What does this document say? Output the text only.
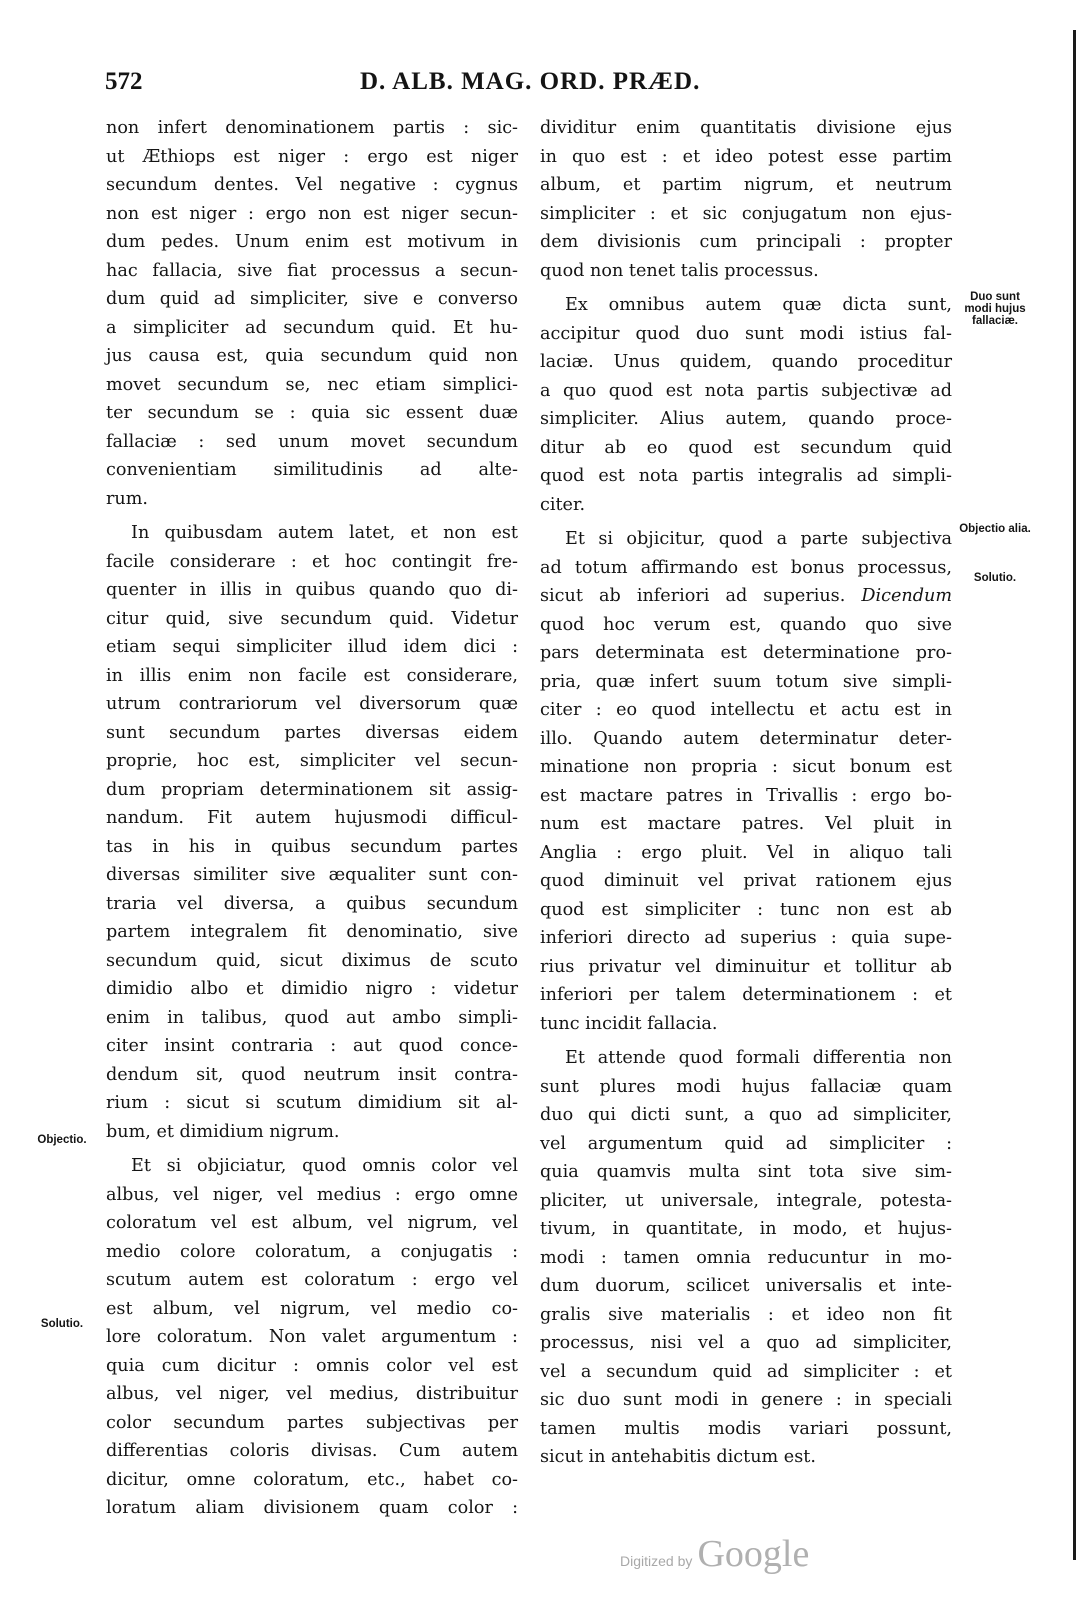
572	D. ALB. MAG. ORD. PRÆD.
non infert denominationem partis : sic-
ut Æthiops est niger : ergo est niger
secundum dentes. Vel negative : cygnus
non est niger : ergo non est niger secun-
dum pedes. Unum enim est motivum in
hac fallacia, sive fiat processus a secun-
dum quid ad simpliciter, sive e converso
a simpliciter ad secundum quid. Et hu-
jus causa est, quia secundum quid non
movet secundum se, nec etiam simplici-
ter secundum se : quia sic essent duæ
fallaciæ : sed unum movet secundum
convenientiam similitudinis ad alte-
rum.
In quibusdam autem latet, et non est
facile considerare : et hoc contingit fre-
quenter in illis in quibus quando quo di-
citur quid, sive secundum quid. Videtur
etiam sequi simpliciter illud idem dici :
in illis enim non facile est considerare,
utrum contrariorum vel diversorum quæ
sunt secundum partes diversas eidem
proprie, hoc est, simpliciter vel secun-
dum propriam determinationem sit assig-
nandum. Fit autem hujusmodi difficul-
tas in his in quibus secundum partes
diversas similiter sive æqualiter sunt con-
traria vel diversa, a quibus secundum
partem integralem fit denominatio, sive
secundum quid, sicut diximus de scuto
dimidio albo et dimidio nigro : videtur
enim in talibus, quod aut ambo simpli-
citer insint contraria : aut quod conce-
dendum sit, quod neutrum insit contra-
rium : sicut si scutum dimidium sit al-
bum, et dimidium nigrum.
Et si objiciatur, quod omnis color vel
albus, vel niger, vel medius : ergo omne
coloratum vel est album, vel nigrum, vel
medio colore coloratum, a conjugatis :
scutum autem est coloratum : ergo vel
est album, vel nigrum, vel medio co-
lore coloratum. Non valet argumentum :
quia cum dicitur : omnis color vel est
albus, vel niger, vel medius, distribuitur
color secundum partes subjectivas per
differentias coloris divisas. Cum autem
dicitur, omne coloratum, etc., habet co-
loratum aliam divisionem quam color :
dividitur enim quantitatis divisione ejus
in quo est : et ideo potest esse partim
album, et partim nigrum, et neutrum
simpliciter : et sic conjugatum non ejus-
dem divisionis cum principali : propter
quod non tenet talis processus.
Ex omnibus autem quæ dicta sunt,
accipitur quod duo sunt modi istius fal-
laciæ. Unus quidem, quando proceditur
a quo quod est nota partis subjectivæ ad
simpliciter. Alius autem, quando proce-
ditur ab eo quod est secundum quid
quod est nota partis integralis ad simpli-
citer.
Et si objicitur, quod a parte subjectiva
ad totum affirmando est bonus processus,
sicut ab inferiori ad superius. Dicendum
quod hoc verum est, quando quo sive
pars determinata est determinatione pro-
pria, quæ infert suum totum sive simpli-
citer : eo quod intellectu et actu est in
illo. Quando autem determinatur deter-
minatione non propria : sicut bonum est
est mactare patres in Trivallis : ergo bo-
num est mactare patres. Vel pluit in
Anglia : ergo pluit. Vel in aliquo tali
quod diminuit vel privat rationem ejus
quod est simpliciter : tunc non est ab
inferiori directo ad superius : quia supe-
rius privatur vel diminuitur et tollitur ab
inferiori per talem determinationem : et
tunc incidit fallacia.
Et attende quod formali differentia non
sunt plures modi hujus fallaciæ quam
duo qui dicti sunt, a quo ad simpliciter,
vel argumentum quid ad simpliciter :
quia quamvis multa sint tota sive sim-
pliciter, ut universale, integrale, potesta-
tivum, in quantitate, in modo, et hujus-
modi : tamen omnia reducuntur in mo-
dum duorum, scilicet universalis et inte-
gralis sive materialis : et ideo non fit
processus, nisi vel a quo ad simpliciter,
vel a secundum quid ad simpliciter : et
sic duo sunt modi in genere : in speciali
tamen multis modis variari possunt,
sicut in antehabitis dictum est.
Objectio.
Solutio.
Duo sunt modi hujus fallaciæ.
Objectio alia.
Solutio.
Digitized by Google
